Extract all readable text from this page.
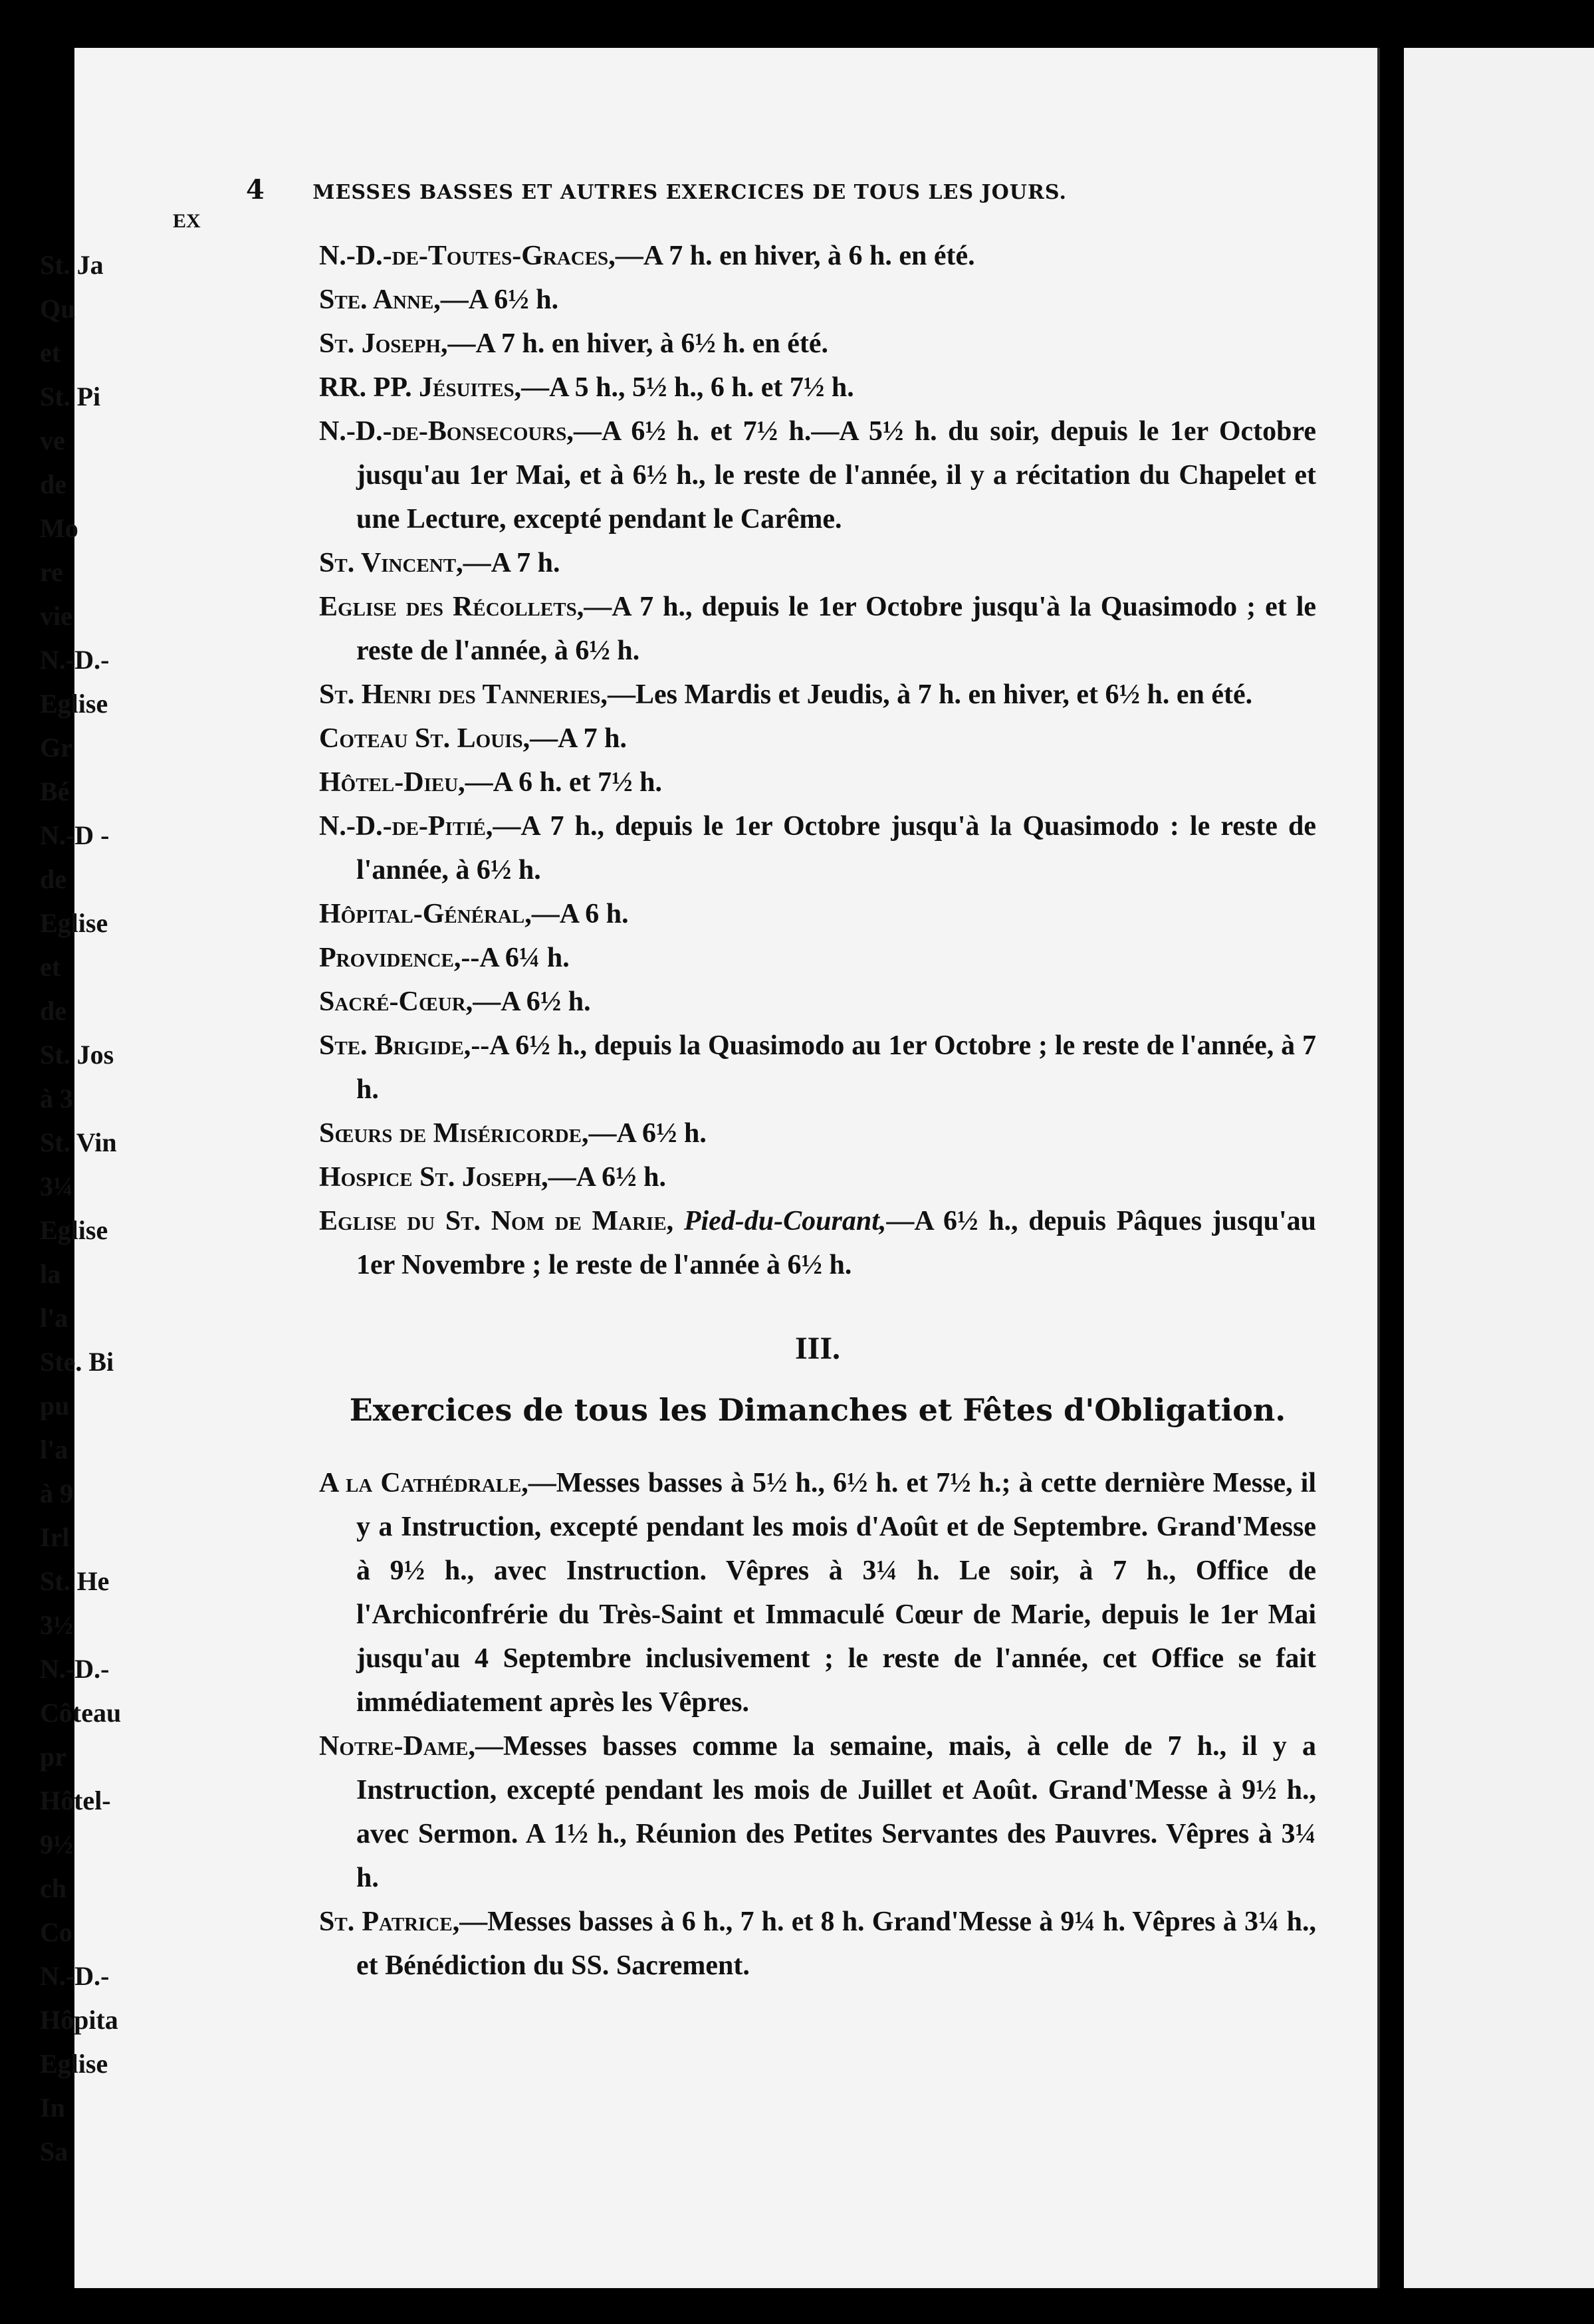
4 MESSES BASSES ET AUTRES EXERCICES DE TOUS LES JOURS.

N.-D.-de-Toutes-Graces,—A 7 h. en hiver, à 6 h. en été.

Ste. Anne,—A 6½ h.

St. Joseph,—A 7 h. en hiver, à 6½ h. en été.

RR. PP. Jésuites,—A 5 h., 5½ h., 6 h. et 7½ h.

N.-D.-de-Bonsecours,—A 6½ h. et 7½ h.—A 5½ h. du soir, depuis le 1er Octobre jusqu'au 1er Mai, et à 6½ h., le reste de l'année, il y a récitation du Chapelet et une Lecture, excepté pendant le Carême.

St. Vincent,—A 7 h.

Eglise des Récollets,—A 7 h., depuis le 1er Octobre jusqu'à la Quasimodo ; et le reste de l'année, à 6½ h.

St. Henri des Tanneries,—Les Mardis et Jeudis, à 7 h. en hiver, et 6½ h. en été.

Coteau St. Louis,—A 7 h.

Hôtel-Dieu,—A 6 h. et 7½ h.

N.-D.-de-Pitié,—A 7 h., depuis le 1er Octobre jusqu'à la Quasimodo : le reste de l'année, à 6½ h.

Hôpital-Général,—A 6 h.

Providence,--A 6¼ h.

Sacré-Cœur,—A 6½ h.

Ste. Brigide,--A 6½ h., depuis la Quasimodo au 1er Octobre ; le reste de l'année, à 7 h.

Sœurs de Miséricorde,—A 6½ h.

Hospice St. Joseph,—A 6½ h.

Eglise du St. Nom de Marie, Pied-du-Courant,—A 6½ h., depuis Pâques jusqu'au 1er Novembre ; le reste de l'année à 6½ h.

III.
Exercices de tous les Dimanches et Fêtes d'Obligation.

A la Cathédrale,—Messes basses à 5½ h., 6½ h. et 7½ h.; à cette dernière Messe, il y a Instruction, excepté pendant les mois d'Août et de Septembre. Grand'Messe à 9½ h., avec Instruction. Vêpres à 3¼ h. Le soir, à 7 h., Office de l'Archiconfrérie du Très-Saint et Immaculé Cœur de Marie, depuis le 1er Mai jusqu'au 4 Septembre inclusivement ; le reste de l'année, cet Office se fait immédiatement après les Vêpres.

Notre-Dame,—Messes basses comme la semaine, mais, à celle de 7 h., il y a Instruction, excepté pendant les mois de Juillet et Août. Grand'Messe à 9½ h., avec Sermon. A 1½ h., Réunion des Petites Servantes des Pauvres. Vêpres à 3¼ h.

St. Patrice,—Messes basses à 6 h., 7 h. et 8 h. Grand'Messe à 9¼ h. Vêpres à 3¼ h., et Bénédiction du SS. Sacrement.

EX
St. Ja
Qu
et
St. Pi
ve
de
Mo
re
vie
N.-D.-
Eglise
Gr
Bé
N.-D -
de
Eglise
et
de
St. Jos
à 3
St. Vin
3¼
Eglise
la
l'a
Ste. Bi
pu
l'a
à 9
Irl
St. He
3½
N.-D.-
Côteau
pr
Hôtel-
9½
ch
Co
N.-D.-
Hôpita
Eglise
In
Sa
